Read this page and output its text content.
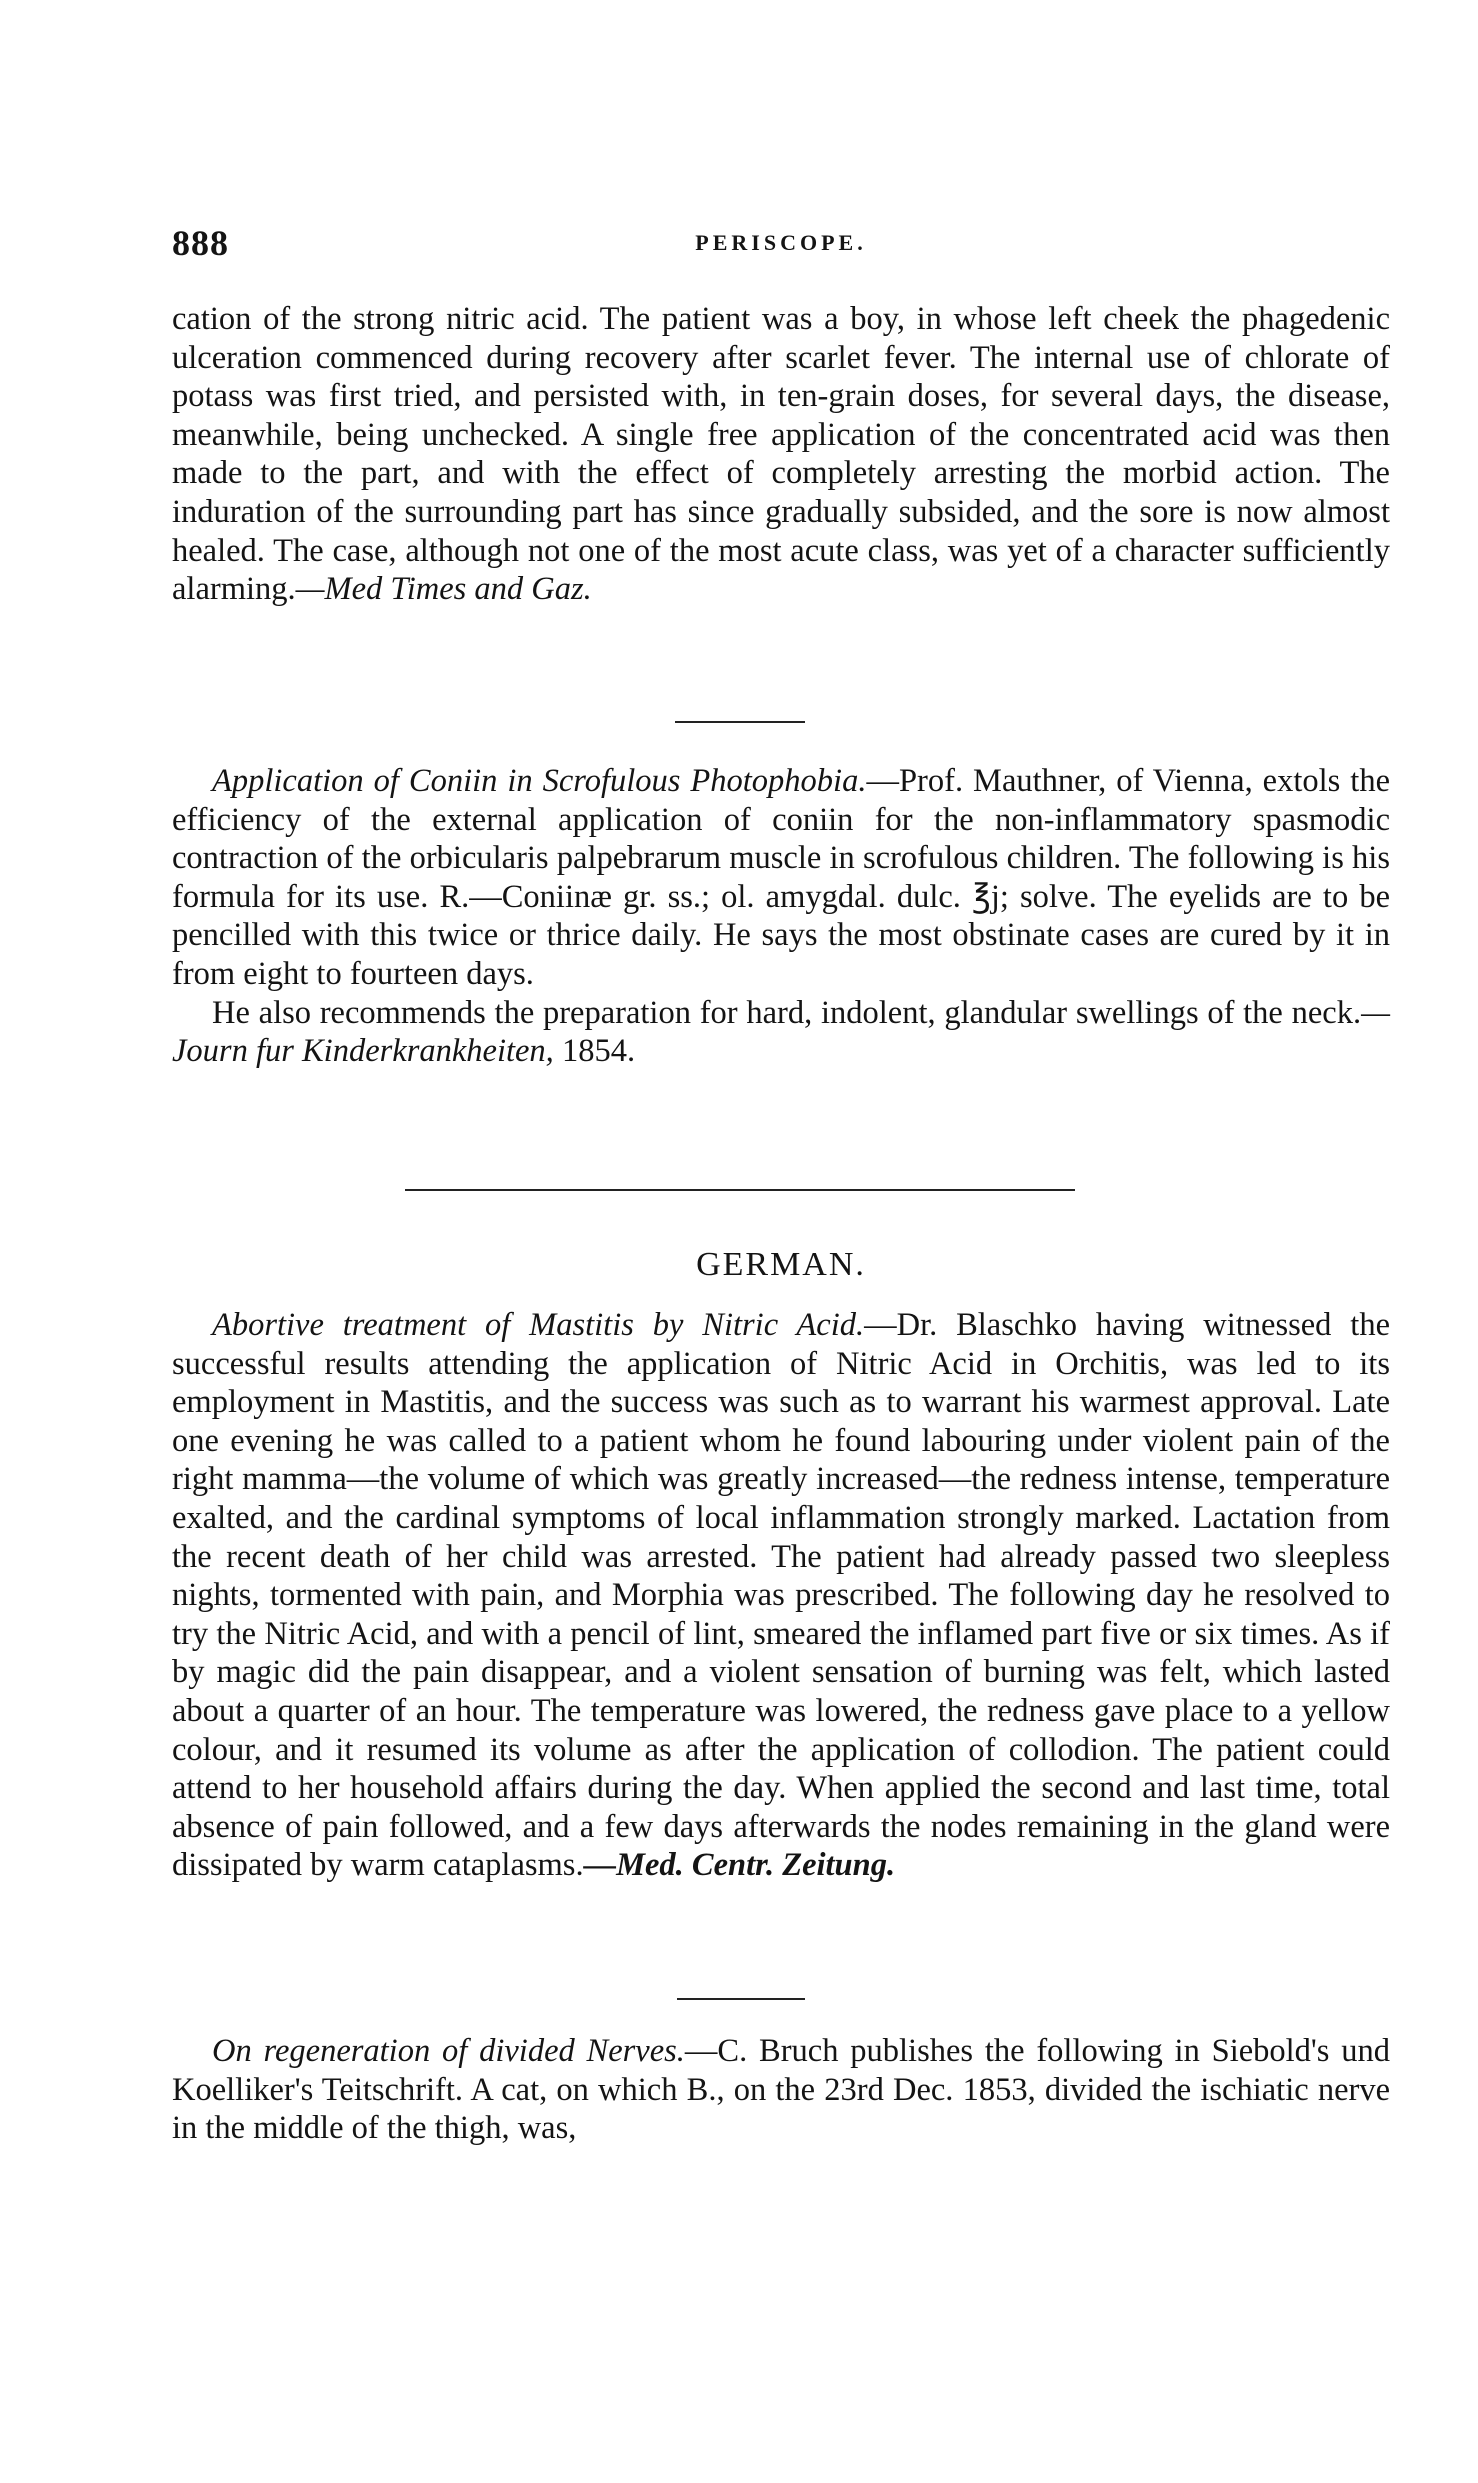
888	PERISCOPE.

cation of the strong nitric acid. The patient was a boy, in whose left cheek the phagedenic ulceration commenced during recovery after scarlet fever. The internal use of chlorate of potass was first tried, and persisted with, in ten-grain doses, for several days, the disease, meanwhile, being unchecked. A single free application of the concentrated acid was then made to the part, and with the effect of completely arresting the morbid action. The induration of the surrounding part has since gradually subsided, and the sore is now almost healed. The case, although not one of the most acute class, was yet of a character sufficiently alarming.—Med Times and Gaz.

Application of Coniin in Scrofulous Photophobia.—Prof. Mauthner, of Vienna, extols the efficiency of the external application of coniin for the non-inflammatory spasmodic contraction of the orbicularis palpebrarum muscle in scrofulous children. The following is his formula for its use. R.—Coniinæ gr. ss.; ol. amygdal. dulc. ℥j; solve. The eyelids are to be pencilled with this twice or thrice daily. He says the most obstinate cases are cured by it in from eight to fourteen days.

He also recommends the preparation for hard, indolent, glandular swellings of the neck.—Journ fur Kinderkrankheiten, 1854.

GERMAN.

Abortive treatment of Mastitis by Nitric Acid.—Dr. Blaschko having witnessed the successful results attending the application of Nitric Acid in Orchitis, was led to its employment in Mastitis, and the success was such as to warrant his warmest approval. Late one evening he was called to a patient whom he found labouring under violent pain of the right mamma—the volume of which was greatly increased—the redness intense, temperature exalted, and the cardinal symptoms of local inflammation strongly marked. Lactation from the recent death of her child was arrested. The patient had already passed two sleepless nights, tormented with pain, and Morphia was prescribed. The following day he resolved to try the Nitric Acid, and with a pencil of lint, smeared the inflamed part five or six times. As if by magic did the pain disappear, and a violent sensation of burning was felt, which lasted about a quarter of an hour. The temperature was lowered, the redness gave place to a yellow colour, and it resumed its volume as after the application of collodion. The patient could attend to her household affairs during the day. When applied the second and last time, total absence of pain followed, and a few days afterwards the nodes remaining in the gland were dissipated by warm cataplasms.—Med. Centr. Zeitung.

On regeneration of divided Nerves.—C. Bruch publishes the following in Siebold's und Koelliker's Teitschrift. A cat, on which B., on the 23rd Dec. 1853, divided the ischiatic nerve in the middle of the thigh, was,
